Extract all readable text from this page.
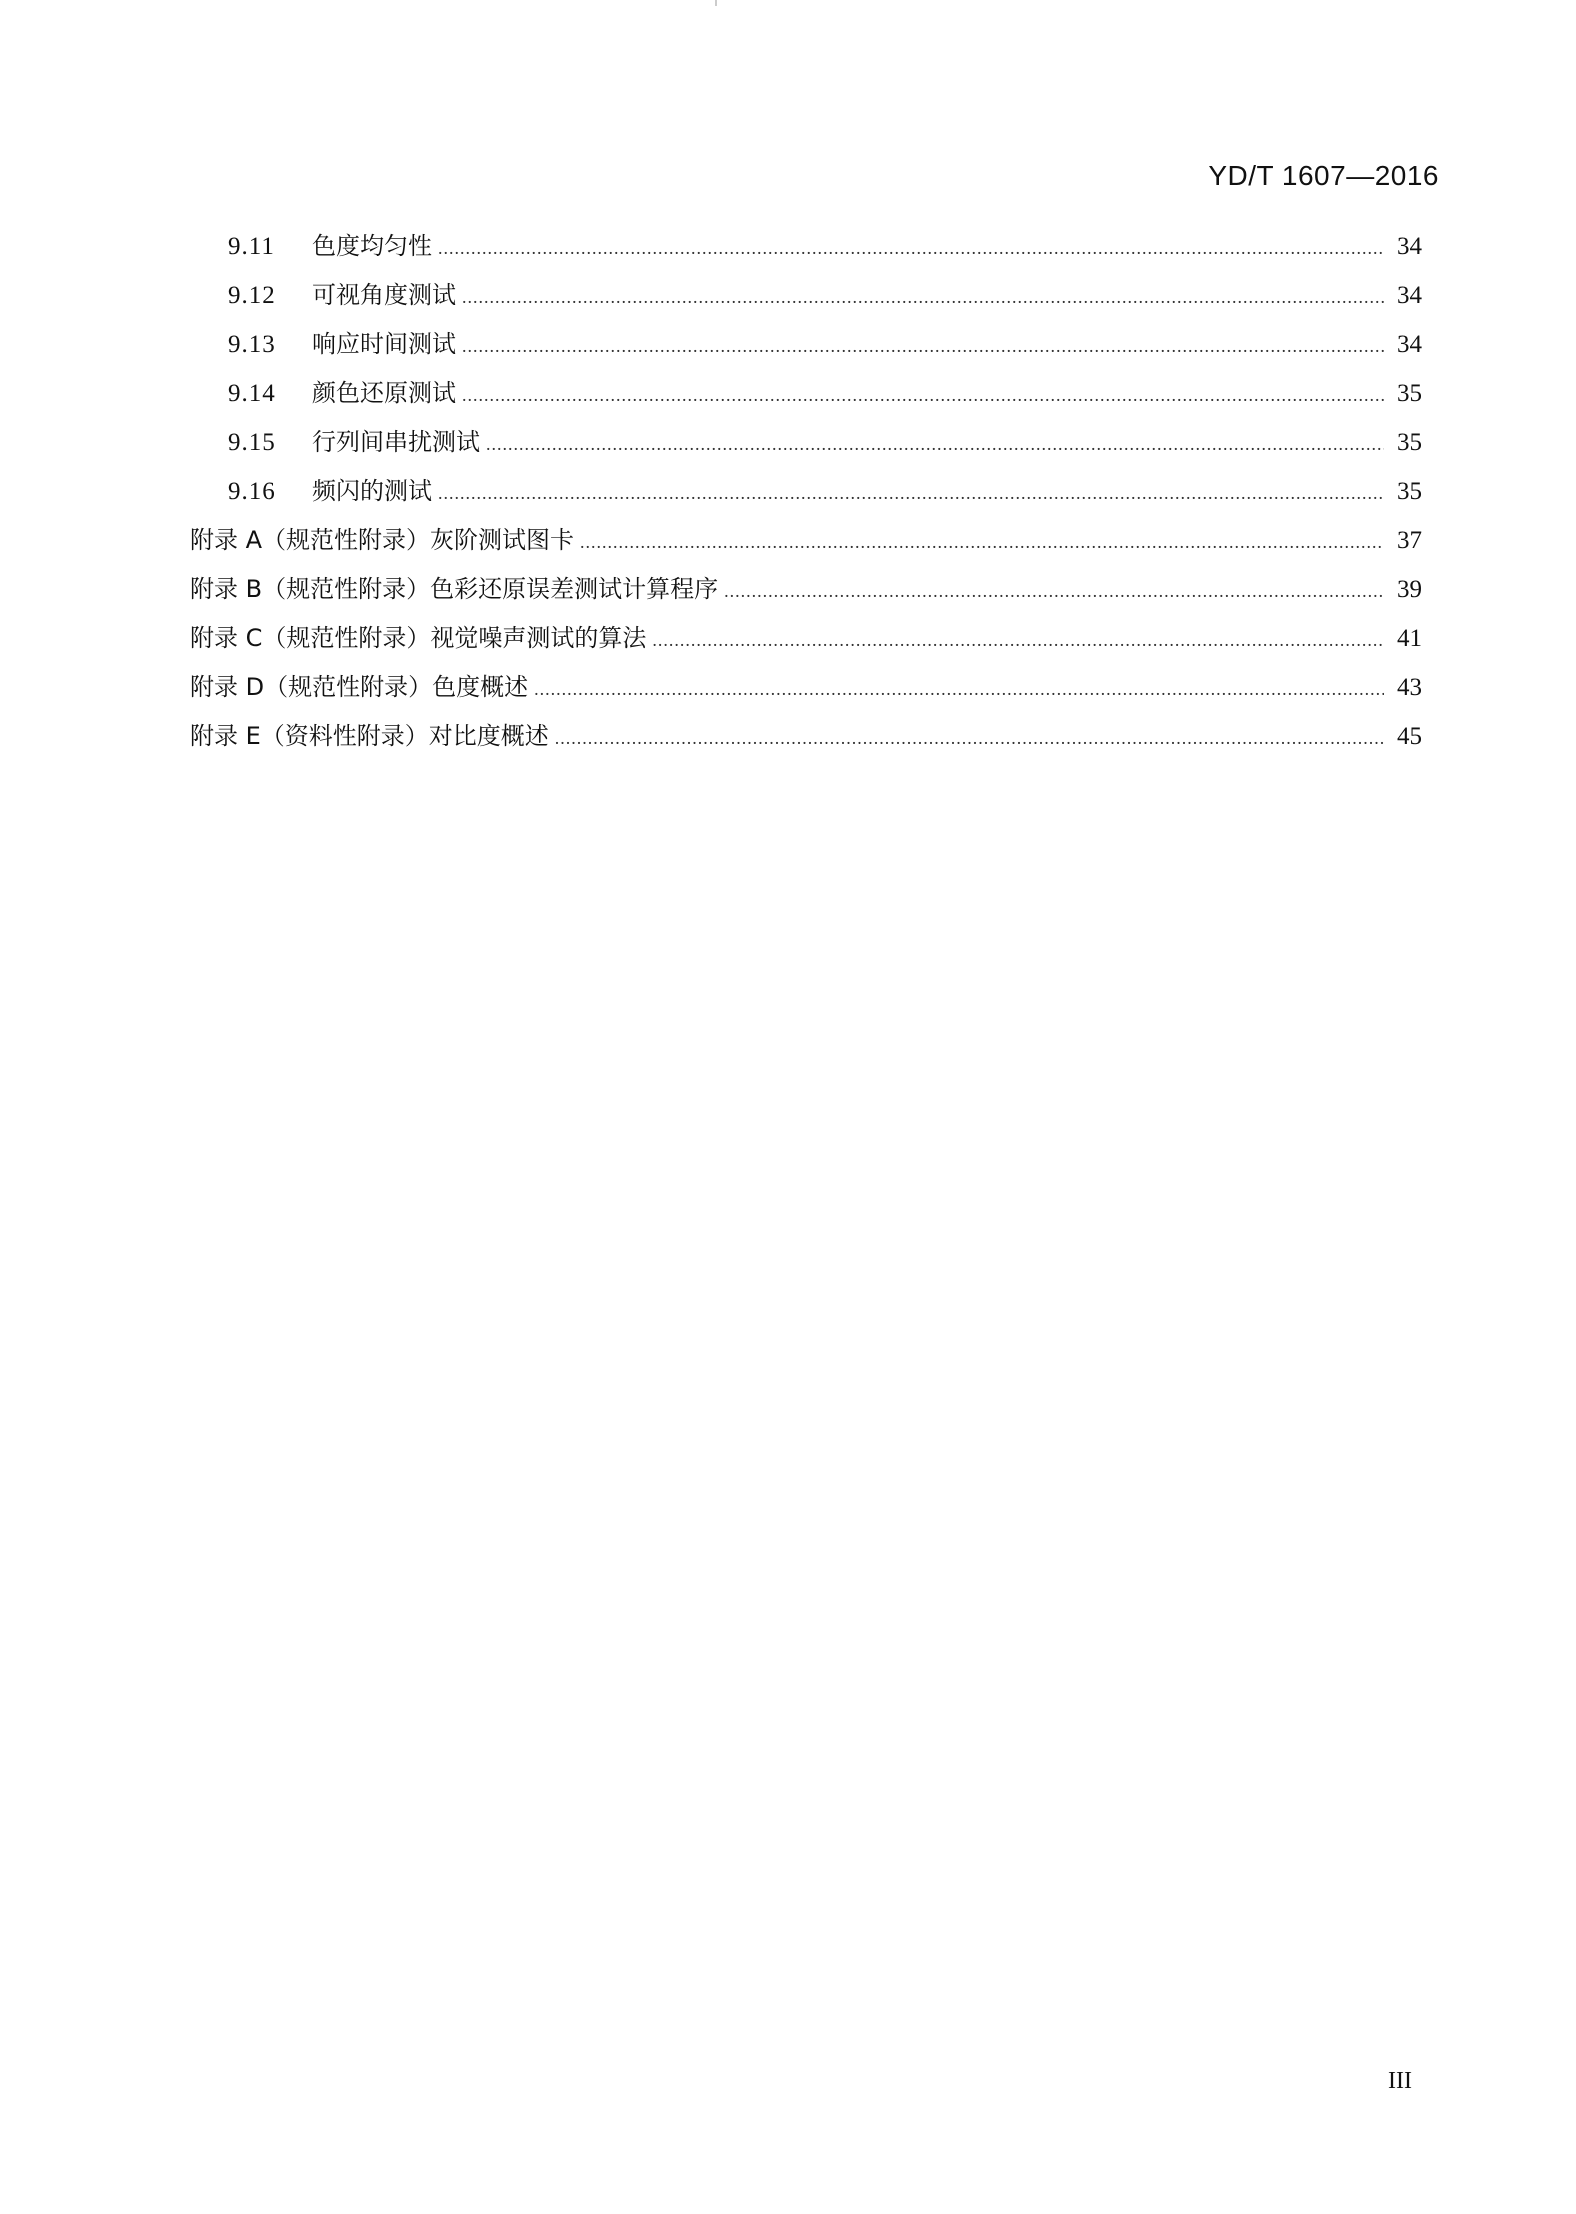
YD/T 1607—2016
9.11	色度均匀性 .....	34
9.12	可视角度测试 .....	34
9.13	响应时间测试 .....	34
9.14	颜色还原测试 .....	35
9.15	行列间串扰测试 .....	35
9.16	频闪的测试 .....	35
附录 A（规范性附录）灰阶测试图卡 .....	37
附录 B（规范性附录）色彩还原误差测试计算程序 .....	39
附录 C（规范性附录）视觉噪声测试的算法 .....	41
附录 D（规范性附录）色度概述 .....	43
附录 E（资料性附录）对比度概述 .....	45
III
